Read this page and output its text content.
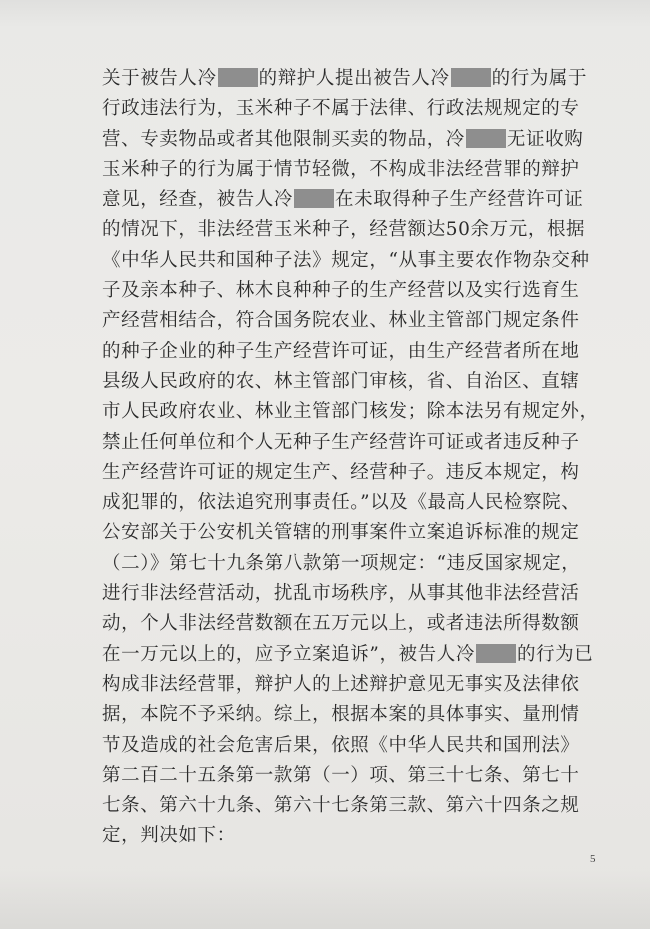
关于被告人冷 的辩护人提出被告人冷 的行为属于
行政违法行为，玉米种子不属于法律、行政法规规定的专
营、专卖物品或者其他限制买卖的物品，冷 无证收购
玉米种子的行为属于情节轻微，不构成非法经营罪的辩护
意见，经查，被告人冷 在未取得种子生产经营许可证
的情况下，非法经营玉米种子，经营额达50余万元，根据
《中华人民共和国种子法》规定，“从事主要农作物杂交种
子及亲本种子、林木良种种子的生产经营以及实行选育生
产经营相结合，符合国务院农业、林业主管部门规定条件
的种子企业的种子生产经营许可证，由生产经营者所在地
县级人民政府的农、林主管部门审核，省、自治区、直辖
市人民政府农业、林业主管部门核发；除本法另有规定外，
禁止任何单位和个人无种子生产经营许可证或者违反种子
生产经营许可证的规定生产、经营种子。违反本规定，构
成犯罪的，依法追究刑事责任。”以及《最高人民检察院、
公安部关于公安机关管辖的刑事案件立案追诉标准的规定
（二）》第七十九条第八款第一项规定：“违反国家规定，
进行非法经营活动，扰乱市场秩序，从事其他非法经营活
动，个人非法经营数额在五万元以上，或者违法所得数额
在一万元以上的，应予立案追诉”，被告人冷 的行为已
构成非法经营罪，辩护人的上述辩护意见无事实及法律依
据，本院不予采纳。综上，根据本案的具体事实、量刑情
节及造成的社会危害后果，依照《中华人民共和国刑法》
第二百二十五条第一款第（一）项、第三十七条、第七十
七条、第六十九条、第六十七条第三款、第六十四条之规
定，判决如下：
5
